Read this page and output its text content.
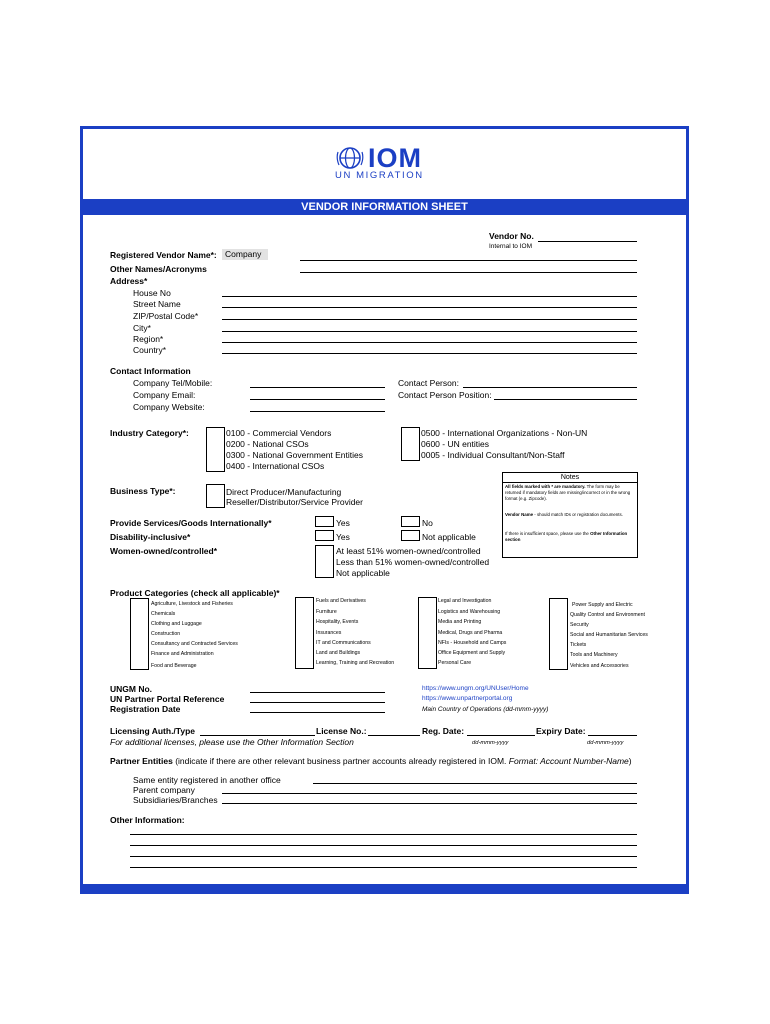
IOM
UN MIGRATION
VENDOR INFORMATION SHEET
Vendor No.
Internal to IOM
Registered Vendor Name*: Company
Other Names/Acronyms
Address*
House No
Street Name
ZIP/Postal Code*
City*
Region*
Country*
Contact Information
Company Tel/Mobile:
Company Email:
Company Website:
Contact Person:
Contact Person Position:
Industry Category*:	0100 - Commercial Vendors
0200 - National CSOs
0300 - National Government Entities
0400 - International CSOs
0500 - International Organizations - Non-UN
0600 - UN entities
0005 - Individual Consultant/Non-Staff
Notes
All fields marked with * are mandatory. The form may be returned if mandatory fields are missing/incorrect or in the wrong format (e.g. Zipcode).
Vendor Name - should match IDs or registration documents.
If there is insufficient space, please use the Other Information section
Business Type*:	Direct Producer/Manufacturing
Reseller/Distributor/Service Provider
Provide Services/Goods Internationally*	Yes	No
Disability-inclusive*	Yes	Not applicable
Women-owned/controlled*	At least 51% women-owned/controlled
Less than 51% women-owned/controlled
Not applicable
Product Categories (check all applicable)*
Agriculture, Livestock and Fisheries
Chemicals
Clothing and Luggage
Construction
Consultancy and Contracted Services
Finance and Administration
Food and Beverage
Fuels and Derivatives
Furniture
Hospitality, Events
Insurances
IT and Communications
Land and Buildings
Learning, Training and Recreation
Legal and Investigation
Logistics and Warehousing
Media and Printing
Medical, Drugs and Pharma
NFIs - Household and Camps
Office Equipment and Supply
Personal Care
Power Supply and Electric
Quality Control and Environment
Security
Social and Humanitarian Services
Tickets
Tools and Machinery
Vehicles and Accessories
UNGM No.
UN Partner Portal Reference
Registration Date
https://www.ungm.org/UNUser/Home
https://www.unpartnerportal.org
Main Country of Operations (dd-mmm-yyyy)
Licensing Auth./Type	License No.:	Reg. Date:	Expiry Date:
For additional licenses, please use the Other Information Section	dd-mmm-yyyy	dd-mmm-yyyy
Partner Entities (indicate if there are other relevant business partner accounts already registered in IOM. Format: Account Number-Name)
Same entity registered in another office
Parent company
Subsidiaries/Branches
Other Information:
